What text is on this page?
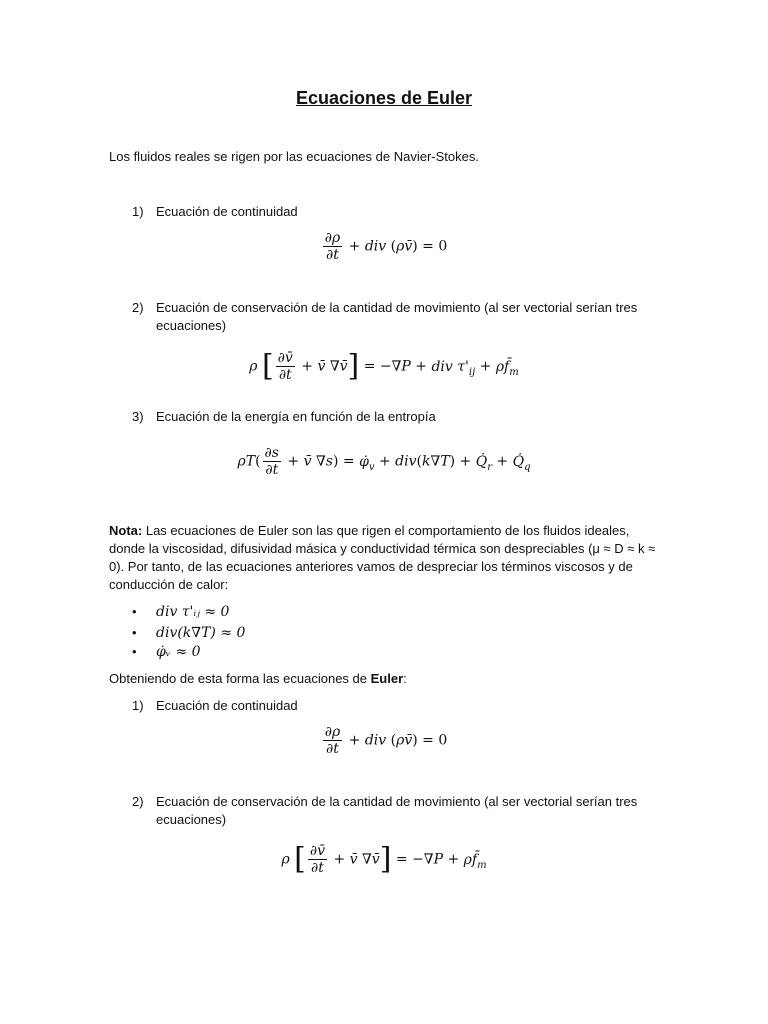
Ecuaciones de Euler
Los fluidos reales se rigen por las ecuaciones de Navier-Stokes.
1) Ecuación de continuidad
$\frac{\partial\rho}{\partial t}$ + div (ρv̄) = 0
2) Ecuación de conservación de la cantidad de movimiento (al ser vectorial serían tres ecuaciones)
ρ [ $\frac{\partial v̄}{\partial t}$ + v̄ ∇v̄] = −∇P + div $\tau'_{ij}$ + $\rho f̄_m$
3) Ecuación de la energía en función de la entropía
$\rho T( \frac{\partial s}{\partial t}$ + v̄ $\nabla s) = \varphi̇_v + div(k\nabla T)$ + $Q̇_r$ + $Q̇_q$
Nota: Las ecuaciones de Euler son las que rigen el comportamiento de los fluidos ideales, donde la viscosidad, difusividad másica y conductividad térmica son despreciables (μ ≈ D ≈ k ≈ 0). Por tanto, de las ecuaciones anteriores vamos de despreciar los términos viscosos y de conducción de calor:
• div τ'ᵢⱼ ≈ 0
• div(k∇T) ≈ 0
• φ̇ᵥ ≈ 0
Obteniendo de esta forma las ecuaciones de Euler:
1) Ecuación de continuidad
$\frac{\partial\rho}{\partial t}$ + div (ρv̄) = 0
2) Ecuación de conservación de la cantidad de movimiento (al ser vectorial serían tres ecuaciones)
ρ [ $\frac{\partial v̄}{\partial t}$ + v̄ ∇v̄] = $-\nabla P + \rho f̄_m$
